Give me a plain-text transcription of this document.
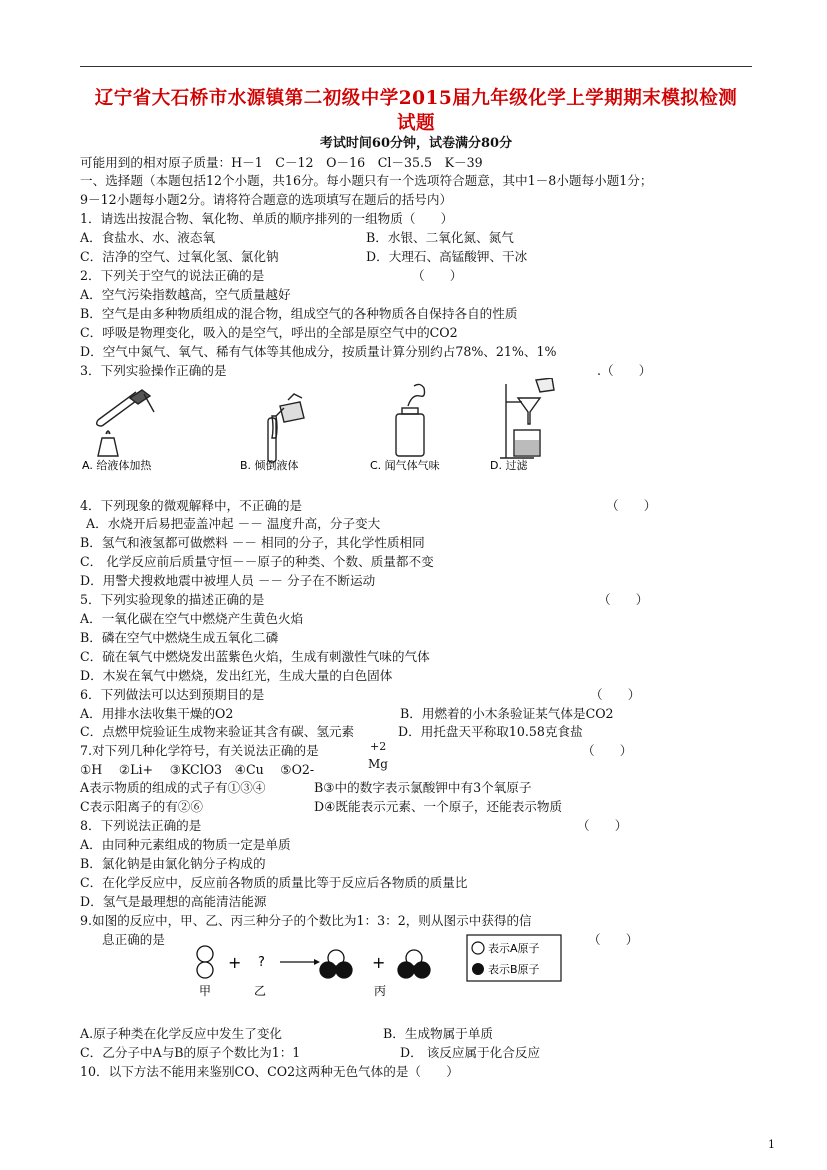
辽宁省大石桥市水源镇第二初级中学2015届九年级化学上学期期末模拟检测
试题
考试时间60分钟，试卷满分80分
可能用到的相对原子质量：H－1　C－12　O－16　Cl－35.5　K－39
一、选择题（本题包括12个小题，共16分。每小题只有一个选项符合题意，其中1－8小题每小题1分；
9－12小题每小题2分。请将符合题意的选项填写在题后的括号内）
1．请选出按混合物、氧化物、单质的顺序排列的一组物质（　　）
A．食盐水、水、液态氧	B．水银、二氧化氮、氮气
C．洁净的空气、过氧化氢、氯化钠	D．大理石、高锰酸钾、干冰
2．下列关于空气的说法正确的是	（　　）
A．空气污染指数越高，空气质量越好
B．空气是由多种物质组成的混合物，组成空气的各种物质各自保持各自的性质
C．呼吸是物理变化，吸入的是空气，呼出的全部是原空气中的CO2
D．空气中氮气、氧气、稀有气体等其他成分，按质量计算分别约占78%、21%、1%
3．下列实验操作正确的是	.（　　）
A. 给液体加热	B. 倾倒液体	C. 闻气体气味	D. 过滤
4．下列现象的微观解释中，不正确的是	（　　）
A．水烧开后易把壶盖冲起 －－ 温度升高，分子变大
B．氢气和液氢都可做燃料 －－ 相同的分子，其化学性质相同
C． 化学反应前后质量守恒－－原子的种类、个数、质量都不变
D．用警犬搜救地震中被埋人员 －－ 分子在不断运动
5．下列实验现象的描述正确的是	（　　）
A．一氧化碳在空气中燃烧产生黄色火焰
B．磷在空气中燃烧生成五氧化二磷
C．硫在氧气中燃烧发出蓝紫色火焰，生成有刺激性气味的气体
D．木炭在氧气中燃烧，发出红光，生成大量的白色固体
6．下列做法可以达到预期目的是	（　　）
A．用排水法收集干燥的O2	B．用燃着的小木条验证某气体是CO2
C．点燃甲烷验证生成物来验证其含有碳、氢元素	D．用托盘天平称取10.58克食盐
7.对下列几种化学符号，有关说法正确的是	+2
Mg
（　　）
①H　 ②Li+　 ③KClO3　④Cu　 ⑤O2-
A表示物质的组成的式子有①③④	B③中的数字表示氯酸钾中有3个氧原子
C表示阳离子的有②⑥	D④既能表示元素、一个原子，还能表示物质
8．下列说法正确的是	（　　）
A．由同种元素组成的物质一定是单质
B．氯化钠是由氯化钠分子构成的
C．在化学反应中，反应前各物质的质量比等于反应后各物质的质量比
D．氢气是最理想的高能清洁能源
9.如图的反应中，甲、乙、丙三种分子的个数比为1：3：2，则从图示中获得的信
息正确的是	（　　）
+ ?	+
甲	乙	丙
表示A原子
表示B原子
A.原子种类在化学反应中发生了变化	B．生成物属于单质
C．乙分子中A与B的原子个数比为1：1	D． 该反应属于化合反应
10．以下方法不能用来鉴别CO、CO2这两种无色气体的是（　　）
1
